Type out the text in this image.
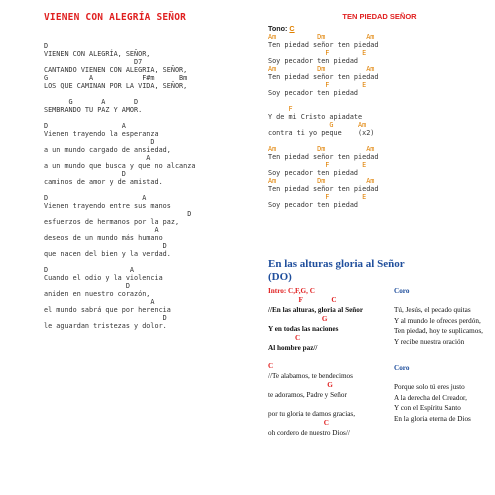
VIENEN CON ALEGRÍA SEÑOR
D
VIENEN CON ALEGRÍA, SEÑOR,
D7
CANTANDO VIENEN CON ALEGRIA, SEÑOR,
G          A            F#m      Bm
LOS QUE CAMINAN POR LA VIDA, SEÑOR,
G       A       D
SEMBRANDO TU PAZ Y AMOR.
D                  A
Vienen trayendo la esperanza
D
a un mundo cargado de ansiedad,
A
a un mundo que busca y que no alcanza
D
caminos de amor y de amistad.
D                       A
Vienen trayendo entre sus manos
D
esfuerzos de hermanos por la paz,
A
deseos de un mundo más humano
D
que nacen del bien y la verdad.
D                    A
Cuando el odio y la violencia
D
aniden en nuestro corazón,
A
el mundo sabrá que por herencia
D
le aguardan tristezas y dolor.
TEN PIEDAD SEÑOR
Tono: C
Am          Dm          Am
Ten piedad señor ten piedad
F        E
Soy pecador ten piedad
Am          Dm          Am
Ten piedad señor ten piedad
F        E
Soy pecador ten piedad
F
Y de mi Cristo apiadate
G      Am
contra ti yo peque    (x2)
Am          Dm          Am
Ten piedad señor ten piedad
F        E
Soy pecador ten piedad
Am          Dm          Am
Ten piedad señor ten piedad
F        E
Soy pecador ten piedad
En las alturas gloria al Señor
(DO)
Intro: C,F,G, C
F                C
//En las alturas, gloria al Señor
G
Y en todas las naciones
C
Al hombre paz//
C
//Te alabamos, te bendecimos
G
te adoramos, Padre y Señor
por tu gloria te damos gracias,
C
oh cordero de nuestro Dios//
Coro
Tú, Jesús, el pecado quitas
Y al mundo le ofreces perdón,
Ten piedad, hoy te suplicamos,
Y recibe nuestra oración
Coro
Porque solo tú eres justo
A la derecha del Creador,
Y con el Espíritu Santo
En la gloria eterna de Dios
